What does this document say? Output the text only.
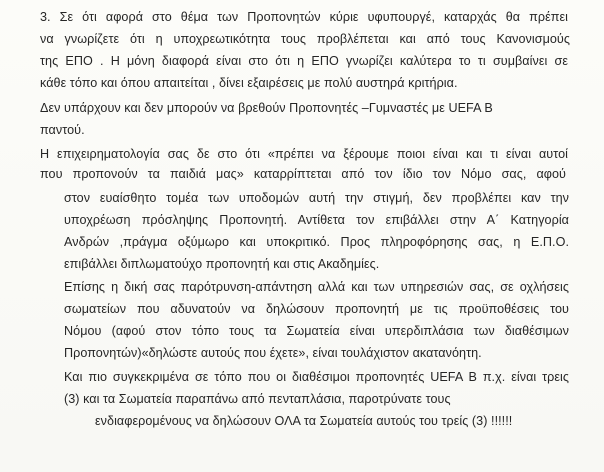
3. Σε ότι αφορά στο θέμα των Προπονητών κύριε υφυπουργέ, καταρχάς θα πρέπει
να γνωρίζετε ότι η υποχρεωτικότητα τους προβλέπεται και από τους Κανονισμούς
της ΕΠΟ . Η μόνη διαφορά είναι στο ότι η ΕΠΟ γνωρίζει καλύτερα το τι συμβαίνει σε
κάθε τόπο και όπου απαιτείται , δίνει εξαιρέσεις με πολύ αυστηρά κριτήρια.
Δεν υπάρχουν και δεν μπορούν να βρεθούν Προπονητές –Γυμναστές με UEFA B
παντού.
Η επιχειρηματολογία σας δε στο ότι «πρέπει να ξέρουμε ποιοι είναι και τι είναι αυτοί
που προπονούν τα παιδιά μας» καταρρίπτεται από τον ίδιο τον Νόμο σας, αφού
στον ευαίσθητο τομέα των υποδομών αυτή την στιγμή, δεν προβλέπει καν την
υποχρέωση πρόσληψης Προπονητή. Αντίθετα τον επιβάλλει στην Α΄ Κατηγορία
Ανδρών ,πράγμα οξύμωρο και υποκριτικό. Προς πληροφόρησης σας, η Ε.Π.Ο.
επιβάλλει διπλωματούχο προπονητή και στις Ακαδημίες.
Επίσης η δική σας παρότρυνση-απάντηση αλλά και των υπηρεσιών σας, σε οχλήσεις
σωματείων που αδυνατούν να δηλώσουν προπονητή με τις προϋποθέσεις του
Νόμου (αφού στον τόπο τους τα Σωματεία είναι υπερδιπλάσια των διαθέσιμων
Προπονητών)«δηλώστε αυτούς που έχετε», είναι τουλάχιστον ακατανόητη.
Και πιο συγκεκριμένα σε τόπο που οι διαθέσιμοι προπονητές UEFA B π.χ. είναι τρεις
(3) και τα Σωματεία παραπάνω από πενταπλάσια, παροτρύνατε τους
ενδιαφερομένους να δηλώσουν ΟΛΑ τα Σωματεία αυτούς του τρείς (3) !!!!!!
